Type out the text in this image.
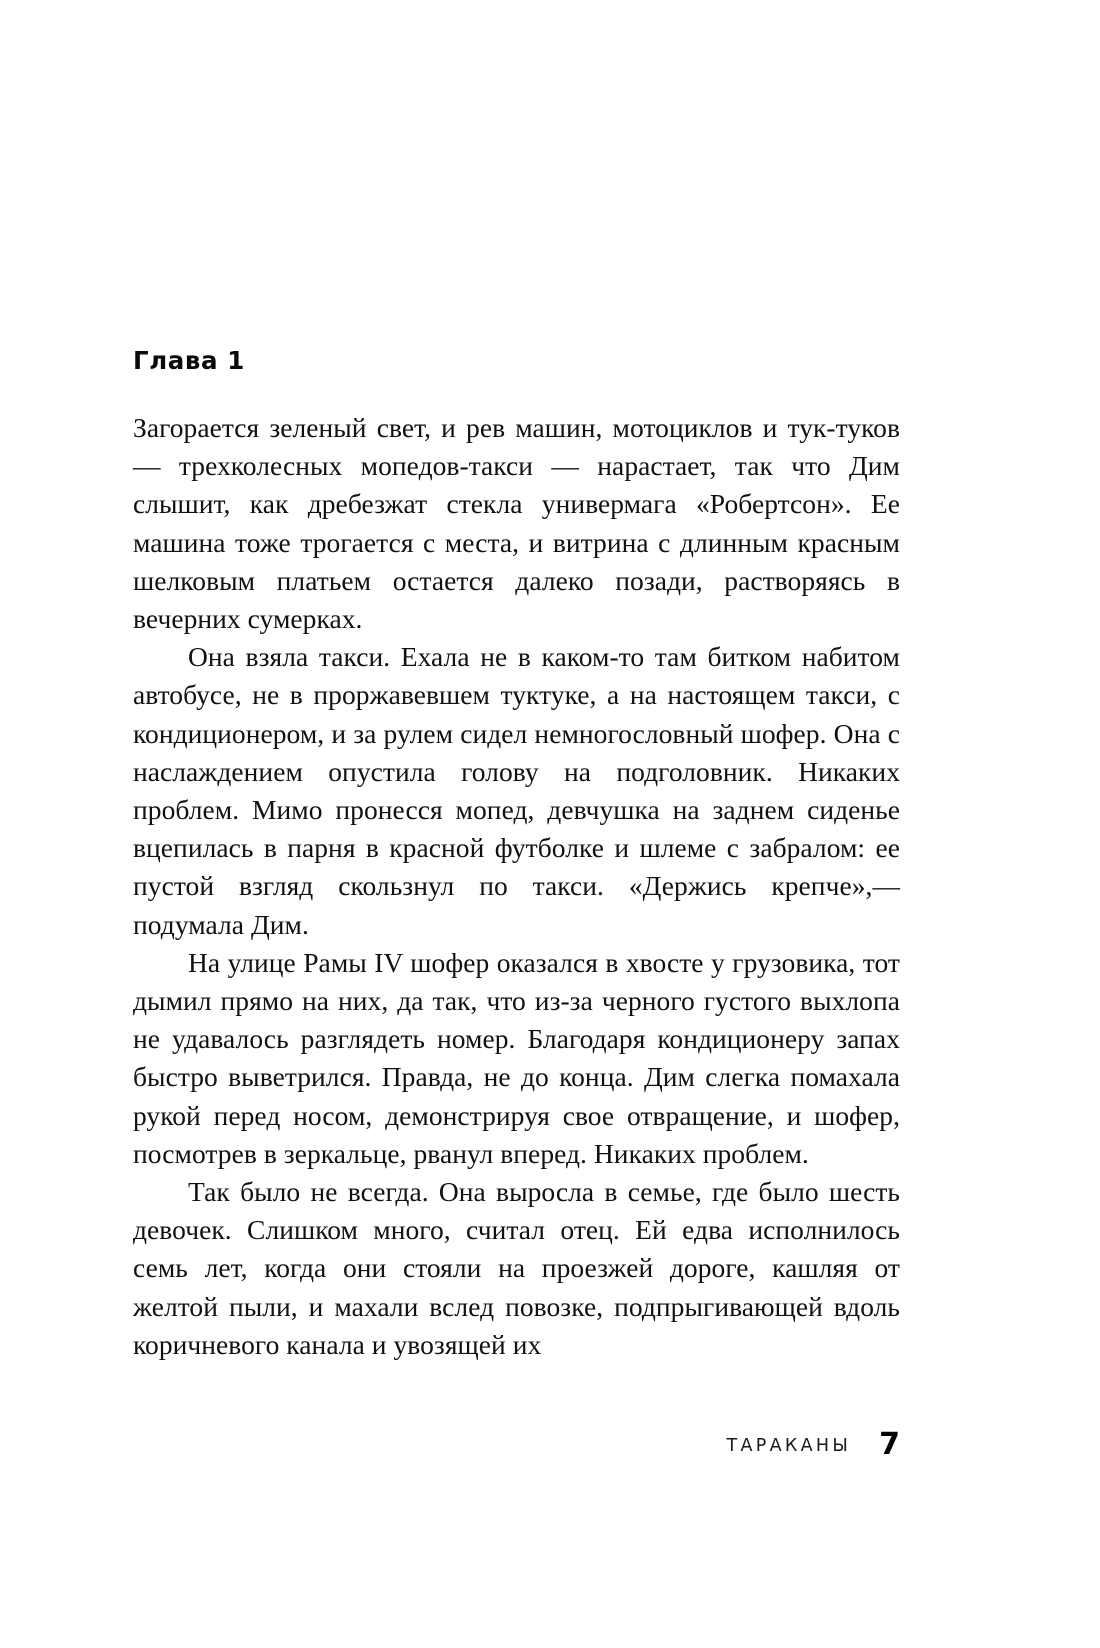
Глава 1

Загорается зеленый свет, и рев машин, мотоциклов и тук-туков — трехколесных мопедов-такси — нарастает, так что Дим слышит, как дребезжат стекла универмага «Робертсон». Ее машина тоже трогается с места, и витрина с длинным красным шелковым платьем остается далеко позади, растворяясь в вечерних сумерках.

Она взяла такси. Ехала не в каком-то там битком набитом автобусе, не в проржавевшем туктуке, а на настоящем такси, с кондиционером, и за рулем сидел немногословный шофер. Она с наслаждением опустила голову на подголовник. Никаких проблем. Мимо пронесся мопед, девчушка на заднем сиденье вцепилась в парня в красной футболке и шлеме с забралом: ее пустой взгляд скользнул по такси. «Держись крепче»,— подумала Дим.

На улице Рамы IV шофер оказался в хвосте у грузовика, тот дымил прямо на них, да так, что из-за черного густого выхлопа не удавалось разглядеть номер. Благодаря кондиционеру запах быстро выветрился. Правда, не до конца. Дим слегка помахала рукой перед носом, демонстрируя свое отвращение, и шофер, посмотрев в зеркальце, рванул вперед. Никаких проблем.

Так было не всегда. Она выросла в семье, где было шесть девочек. Слишком много, считал отец. Ей едва исполнилось семь лет, когда они стояли на проезжей дороге, кашляя от желтой пыли, и махали вслед повозке, подпрыгивающей вдоль коричневого канала и увозящей их

ТАРАКАНЫ 7
